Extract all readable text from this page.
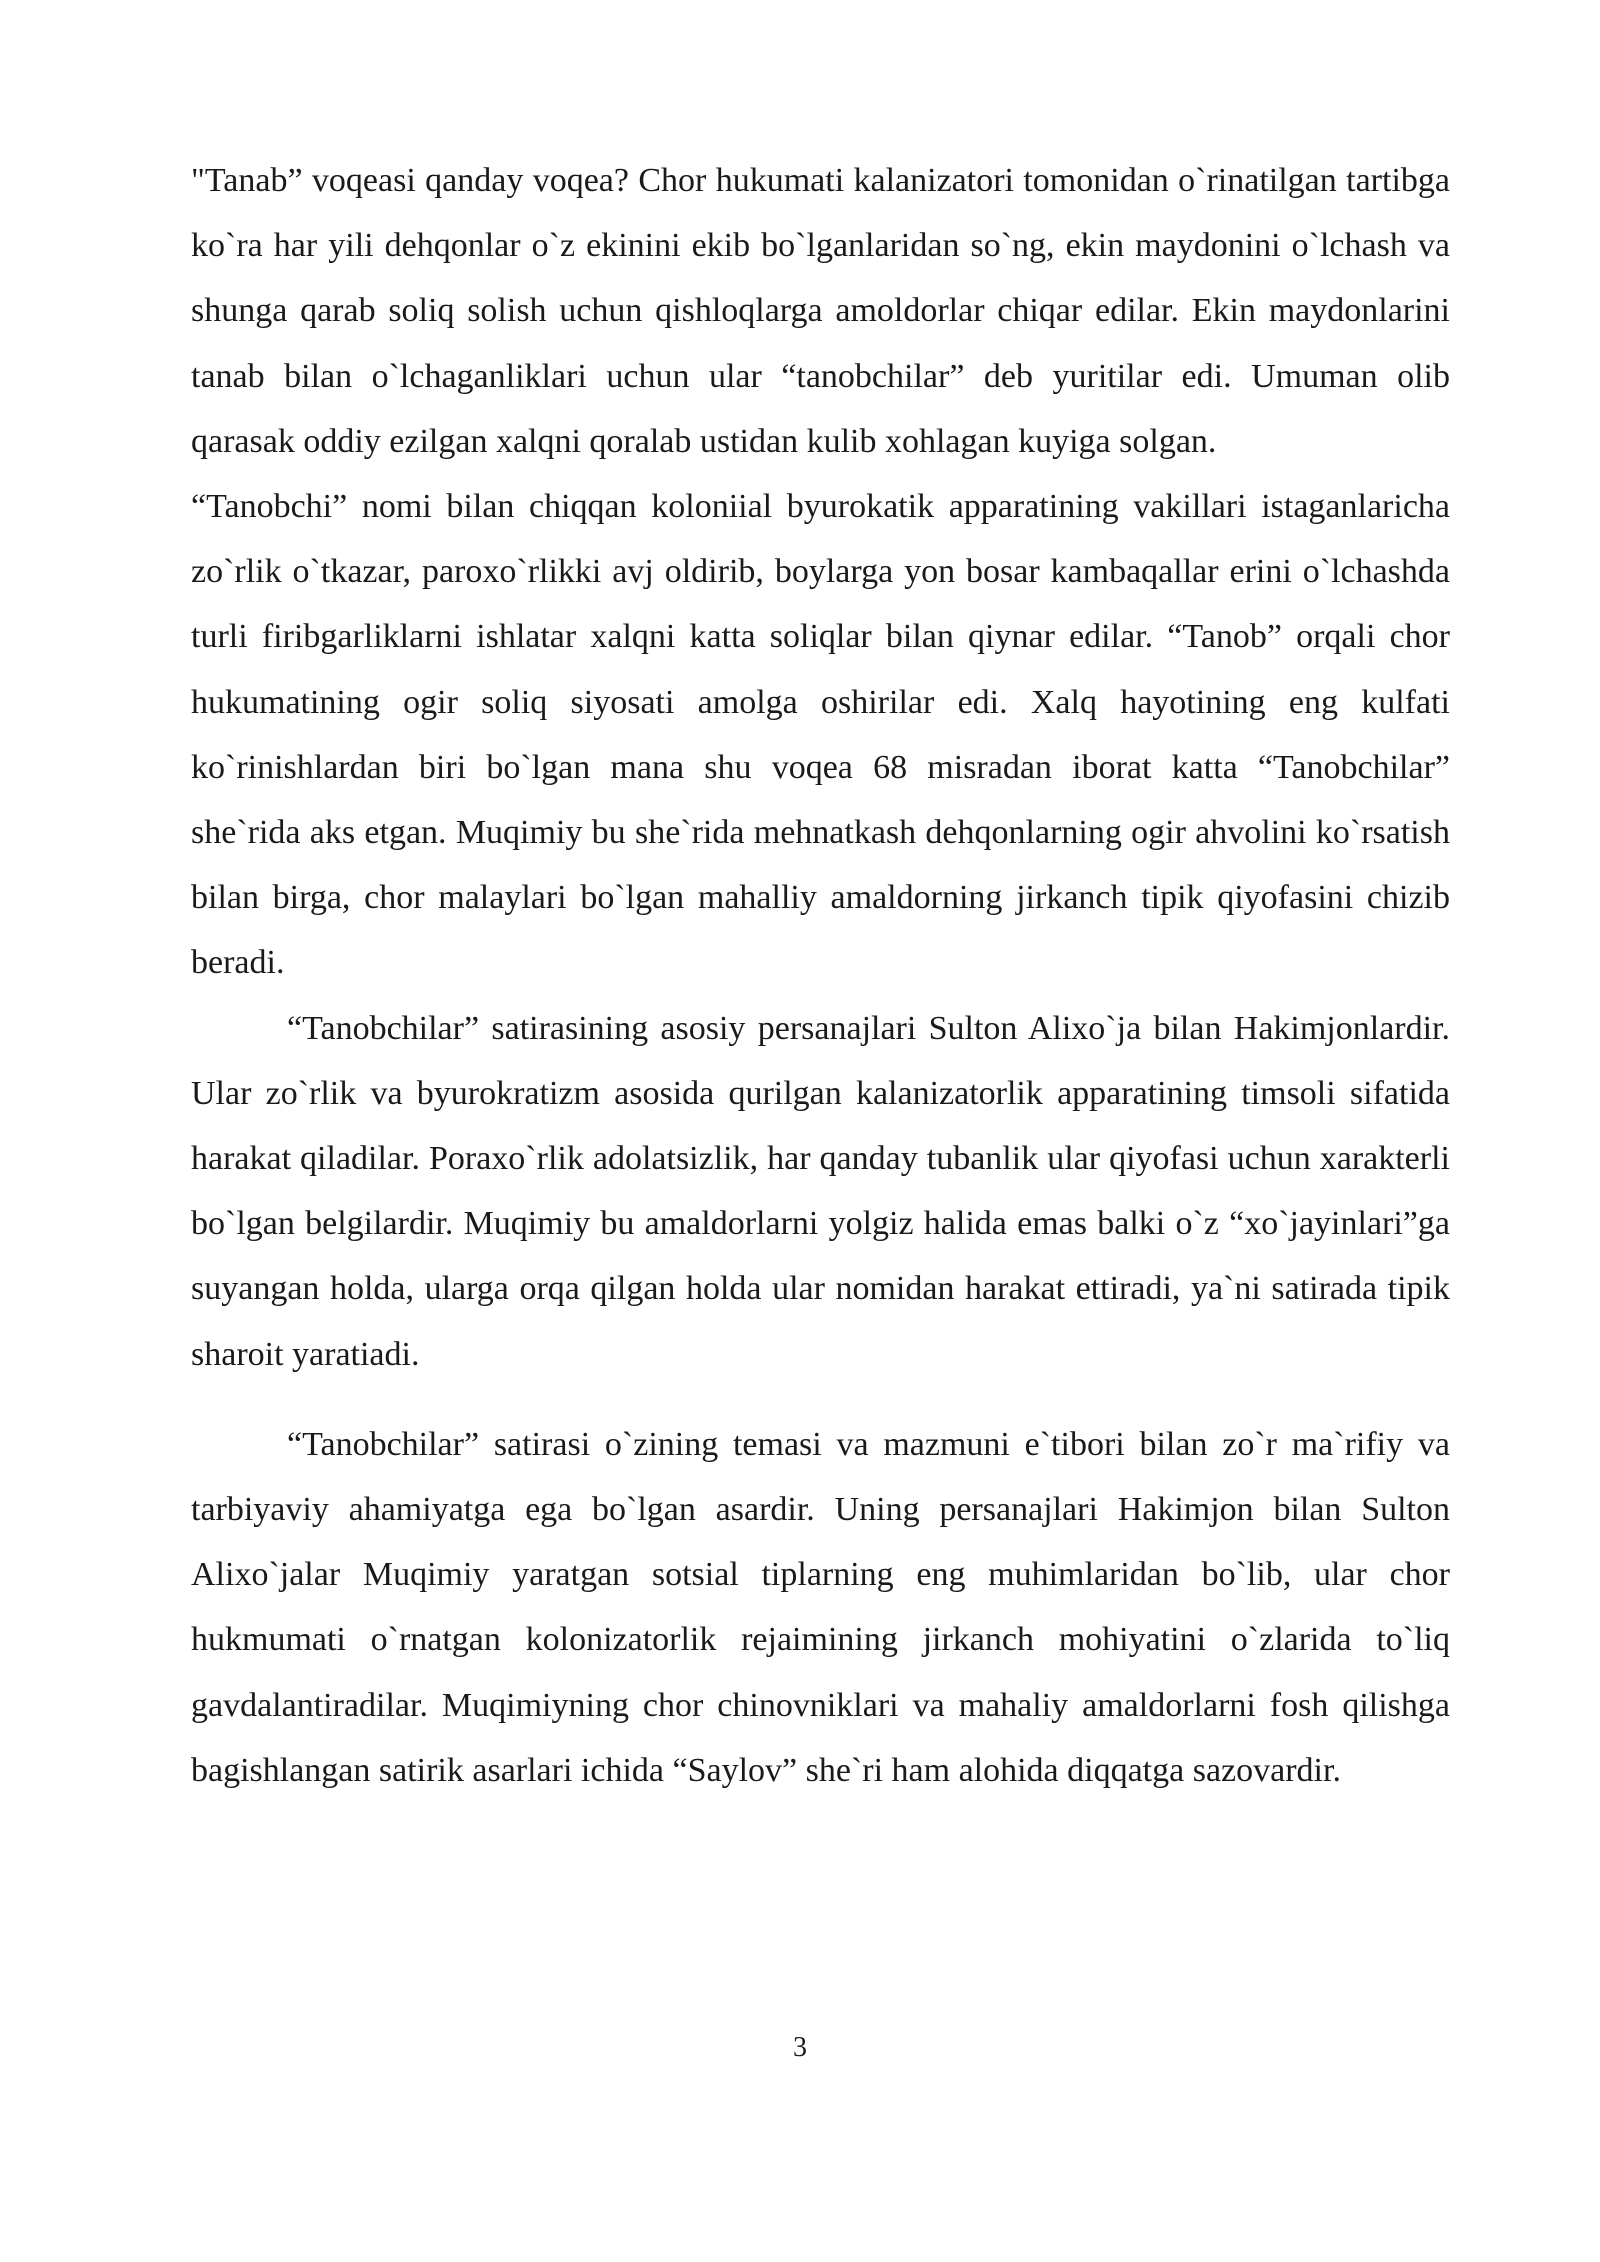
"Tanab” voqeasi qanday voqea? Chor hukumati kalanizatori tomonidan o`rinatilgan tartibga ko`ra har yili dehqonlar o`z ekinini ekib bo`lganlaridan so`ng, ekin maydonini o`lchash va shunga qarab soliq solish uchun qishloqlarga amoldorlar chiqar edilar. Ekin maydonlarini tanab bilan o`lchaganliklari uchun ular “tanobchilar” deb yuritilar edi. Umuman olib qarasak oddiy ezilgan xalqni qoralab ustidan kulib xohlagan kuyiga solgan.

“Tanobchi” nomi bilan chiqqan koloniial byurokatik apparatining vakillari istaganlaricha zo`rlik o`tkazar, paroxo`rlikki avj oldirib, boylarga yon bosar kambaqallar erini o`lchashda turli firibgarliklarni ishlatar xalqni katta soliqlar bilan qiynar edilar. “Tanob” orqali chor hukumatining ogir soliq siyosati amolga oshirilar edi. Xalq hayotining eng kulfati ko`rinishlardan biri bo`lgan mana shu voqea 68 misradan iborat katta “Tanobchilar” she`rida aks etgan. Muqimiy bu she`rida mehnatkash dehqonlarning ogir ahvolini ko`rsatish bilan birga, chor malaylari bo`lgan mahalliy amaldorning jirkanch tipik qiyofasini chizib beradi.

“Tanobchilar” satirasining asosiy persanajlari Sulton Alixo`ja bilan Hakimjonlardir. Ular zo`rlik va byurokratizm asosida qurilgan kalanizatorlik apparatining timsoli sifatida harakat qiladilar. Poraxo`rlik adolatsizlik, har qanday tubanlik ular qiyofasi uchun xarakterli bo`lgan belgilardir. Muqimiy bu amaldorlarni yolgiz halida emas balki o`z “xo`jayinlari”ga suyangan holda, ularga orqa qilgan holda ular nomidan harakat ettiradi, ya`ni satirada tipik sharoit yaratiadi.

“Tanobchilar” satirasi o`zining temasi va mazmuni e`tibori bilan zo`r ma`rifiy va tarbiyaviy ahamiyatga ega bo`lgan asardir. Uning persanajlari Hakimjon bilan Sulton Alixo`jalar Muqimiy yaratgan sotsial tiplarning eng muhimlaridan bo`lib, ular chor hukmumati o`rnatgan kolonizatorlik rejaimining jirkanch mohiyatini o`zlarida to`liq gavdalantiradilar. Muqimiyning chor chinovniklari va mahaliy amaldorlarni fosh qilishga bagishlangan satirik asarlari ichida “Saylov” she`ri ham alohida diqqatga sazovardir.

3
